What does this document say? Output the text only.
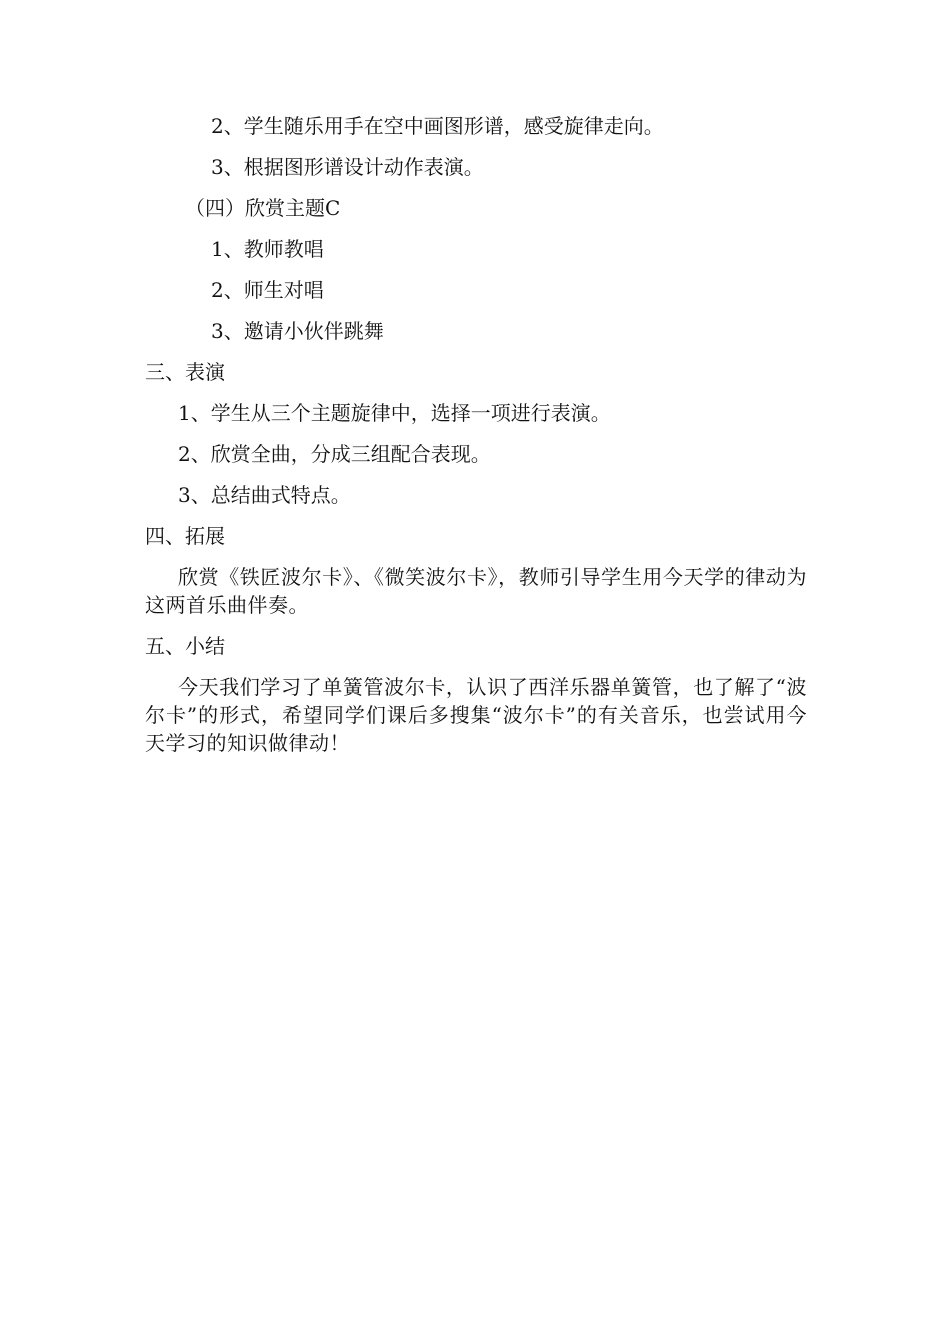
2、学生随乐用手在空中画图形谱，感受旋律走向。
3、根据图形谱设计动作表演。
（四）欣赏主题C
1、教师教唱
2、师生对唱
3、邀请小伙伴跳舞
三、表演
1、学生从三个主题旋律中，选择一项进行表演。
2、欣赏全曲，分成三组配合表现。
3、总结曲式特点。
四、拓展
欣赏《铁匠波尔卡》、《微笑波尔卡》，教师引导学生用今天学的律动为这两首乐曲伴奏。
五、小结
今天我们学习了单簧管波尔卡，认识了西洋乐器单簧管，也了解了“波尔卡”的形式，希望同学们课后多搜集“波尔卡”的有关音乐，也尝试用今天学习的知识做律动！
